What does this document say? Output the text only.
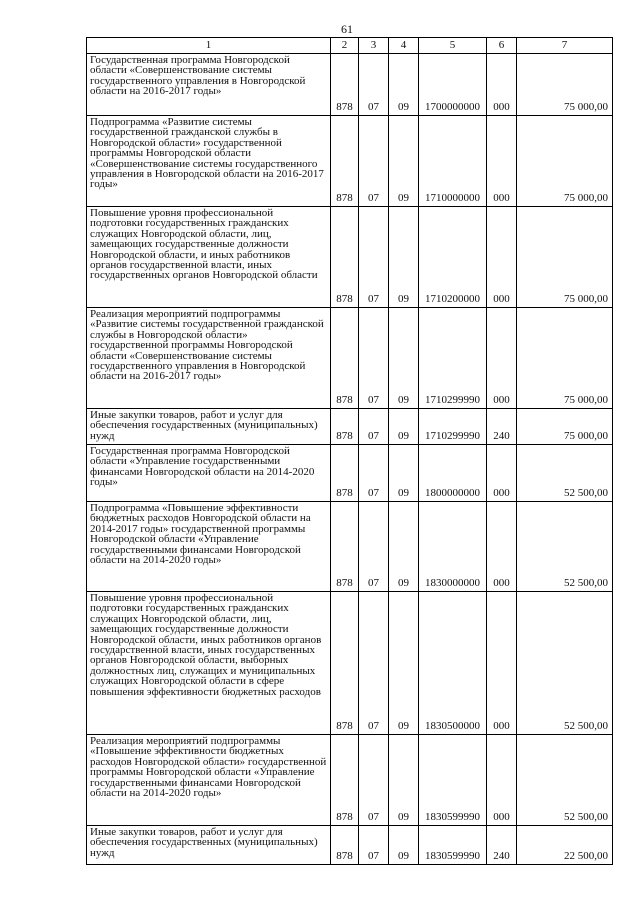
61
1	2	3	4	5	6	7
Государственная программа Новгородской области «Совершенствование системы государственного управления в Новгородской области на 2016-2017 годы»	878	07	09	1700000000	000	75 000,00
Подпрограмма «Развитие системы государственной гражданской службы в Новгородской области» государственной программы Новгородской области «Совершенствование системы государственного управления в Новгородской области на 2016-2017 годы»	878	07	09	1710000000	000	75 000,00
Повышение уровня профессиональной подготовки государственных гражданских служащих Новгородской области, лиц, замещающих государственные должности Новгородской области, и иных работников органов государственной власти, иных государственных органов Новгородской области	878	07	09	1710200000	000	75 000,00
Реализация мероприятий подпрограммы «Развитие системы государственной гражданской службы в Новгородской области» государственной программы Новгородской области «Совершенствование системы государственного управления в Новгородской области на 2016-2017 годы»	878	07	09	1710299990	000	75 000,00
Иные закупки товаров, работ и услуг для обеспечения государственных (муниципальных) нужд	878	07	09	1710299990	240	75 000,00
Государственная программа Новгородской области «Управление государственными финансами Новгородской области на 2014-2020 годы»	878	07	09	1800000000	000	52 500,00
Подпрограмма «Повышение эффективности бюджетных расходов Новгородской области на 2014-2017 годы» государственной программы Новгородской области «Управление государственными финансами Новгородской области на 2014-2020 годы»	878	07	09	1830000000	000	52 500,00
Повышение уровня профессиональной подготовки государственных гражданских служащих Новгородской области, лиц, замещающих государственные должности Новгородской области, иных работников органов государственной власти, иных государственных органов Новгородской области, выборных должностных лиц, служащих и муниципальных служащих Новгородской области в сфере повышения эффективности бюджетных расходов	878	07	09	1830500000	000	52 500,00
Реализация мероприятий подпрограммы «Повышение эффективности бюджетных расходов Новгородской области» государственной программы Новгородской области «Управление государственными финансами Новгородской области на 2014-2020 годы»	878	07	09	1830599990	000	52 500,00
Иные закупки товаров, работ и услуг для обеспечения государственных (муниципальных) нужд	878	07	09	1830599990	240	22 500,00
